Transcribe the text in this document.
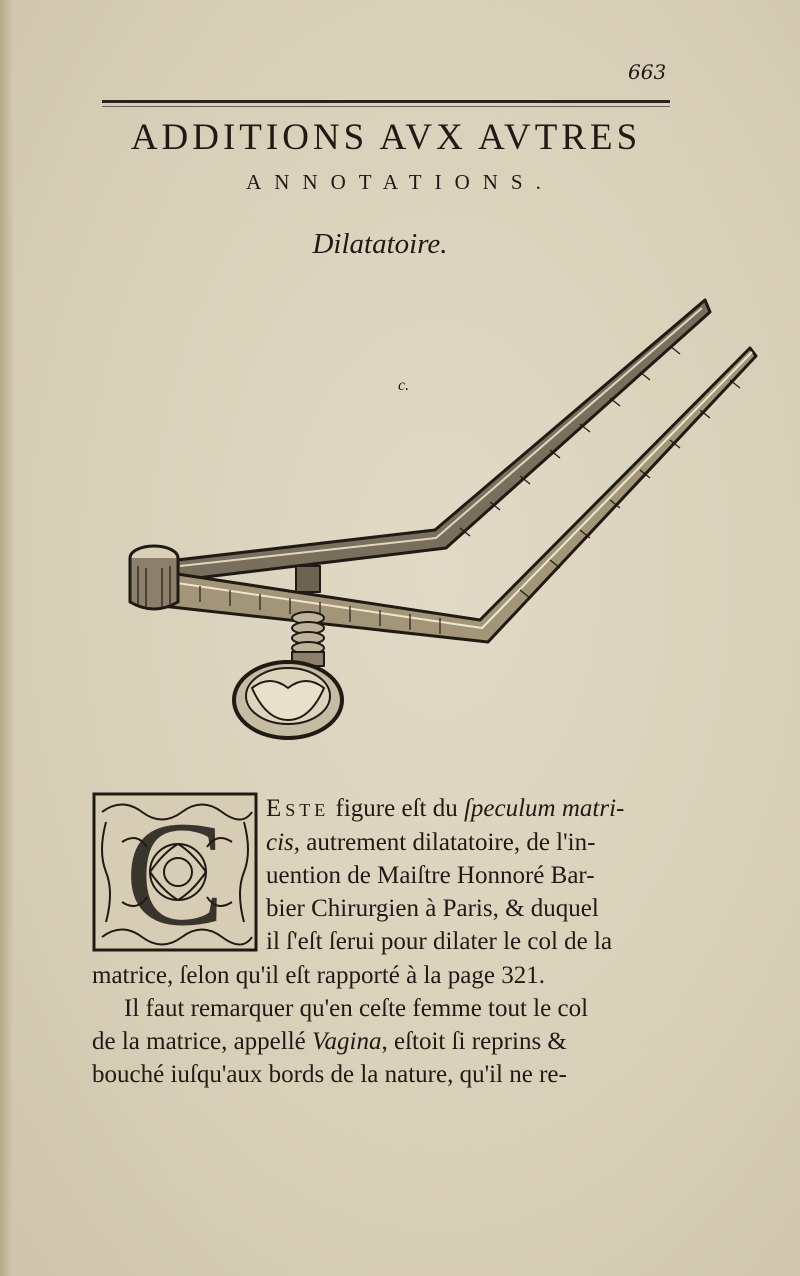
663
ADDITIONS AVX AVTRES
ANNOTATIONS.
Dilatatoire.
c.
C Este figure eſt du ſpeculum matri-
cis, autrement dilatatoire, de l'in-
uention de Maiſtre Honnoré Bar-
bier Chirurgien à Paris, & duquel
il ſ'eſt ſerui pour dilater le col de la
matrice, ſelon qu'il eſt rapporté à la page 321.
Il faut remarquer qu'en ceſte femme tout le col
de la matrice, appellé Vagina, eſtoit ſi reprins &
bouché iuſqu'aux bords de la nature, qu'il ne re-
